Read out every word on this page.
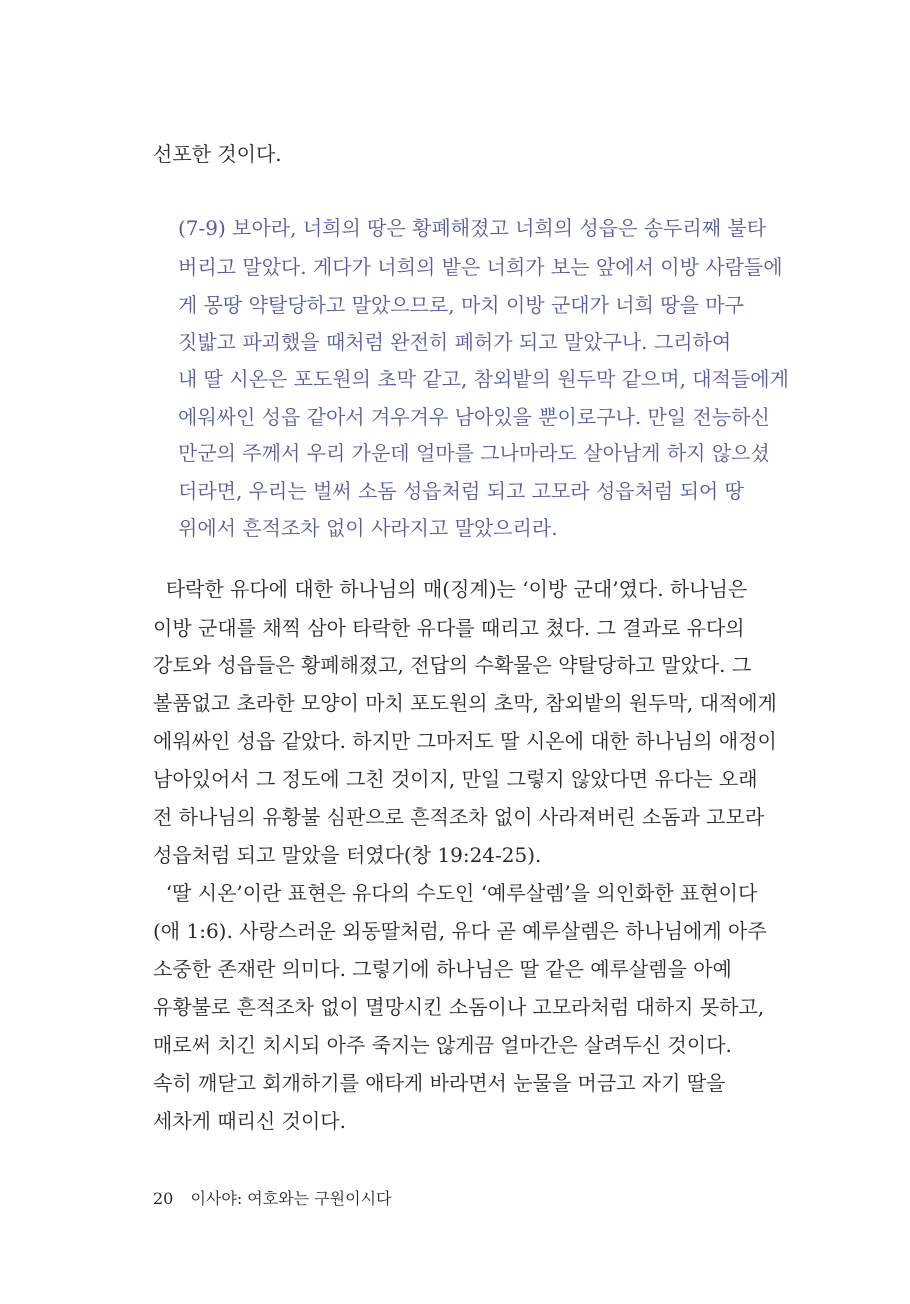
선포한 것이다.
(7-9) 보아라, 너희의 땅은 황폐해졌고 너희의 성읍은 송두리째 불타
버리고 말았다. 게다가 너희의 밭은 너희가 보는 앞에서 이방 사람들에
게 몽땅 약탈당하고 말았으므로, 마치 이방 군대가 너희 땅을 마구
짓밟고 파괴했을 때처럼 완전히 폐허가 되고 말았구나. 그리하여
내 딸 시온은 포도원의 초막 같고, 참외밭의 원두막 같으며, 대적들에게
에워싸인 성읍 같아서 겨우겨우 남아있을 뿐이로구나. 만일 전능하신
만군의 주께서 우리 가운데 얼마를 그나마라도 살아남게 하지 않으셨
더라면, 우리는 벌써 소돔 성읍처럼 되고 고모라 성읍처럼 되어 땅
위에서 흔적조차 없이 사라지고 말았으리라.
타락한 유다에 대한 하나님의 매(징계)는 ‘이방 군대’였다. 하나님은
이방 군대를 채찍 삼아 타락한 유다를 때리고 쳤다. 그 결과로 유다의
강토와 성읍들은 황폐해졌고, 전답의 수확물은 약탈당하고 말았다. 그
볼품없고 초라한 모양이 마치 포도원의 초막, 참외밭의 원두막, 대적에게
에워싸인 성읍 같았다. 하지만 그마저도 딸 시온에 대한 하나님의 애정이
남아있어서 그 정도에 그친 것이지, 만일 그렇지 않았다면 유다는 오래
전 하나님의 유황불 심판으로 흔적조차 없이 사라져버린 소돔과 고모라
성읍처럼 되고 말았을 터였다(창 19:24-25).
‘딸 시온’이란 표현은 유다의 수도인 ‘예루살렘’을 의인화한 표현이다
(애 1:6). 사랑스러운 외동딸처럼, 유다 곧 예루살렘은 하나님에게 아주
소중한 존재란 의미다. 그렇기에 하나님은 딸 같은 예루살렘을 아예
유황불로 흔적조차 없이 멸망시킨 소돔이나 고모라처럼 대하지 못하고,
매로써 치긴 치시되 아주 죽지는 않게끔 얼마간은 살려두신 것이다.
속히 깨닫고 회개하기를 애타게 바라면서 눈물을 머금고 자기 딸을
세차게 때리신 것이다.
20 이사야: 여호와는 구원이시다
